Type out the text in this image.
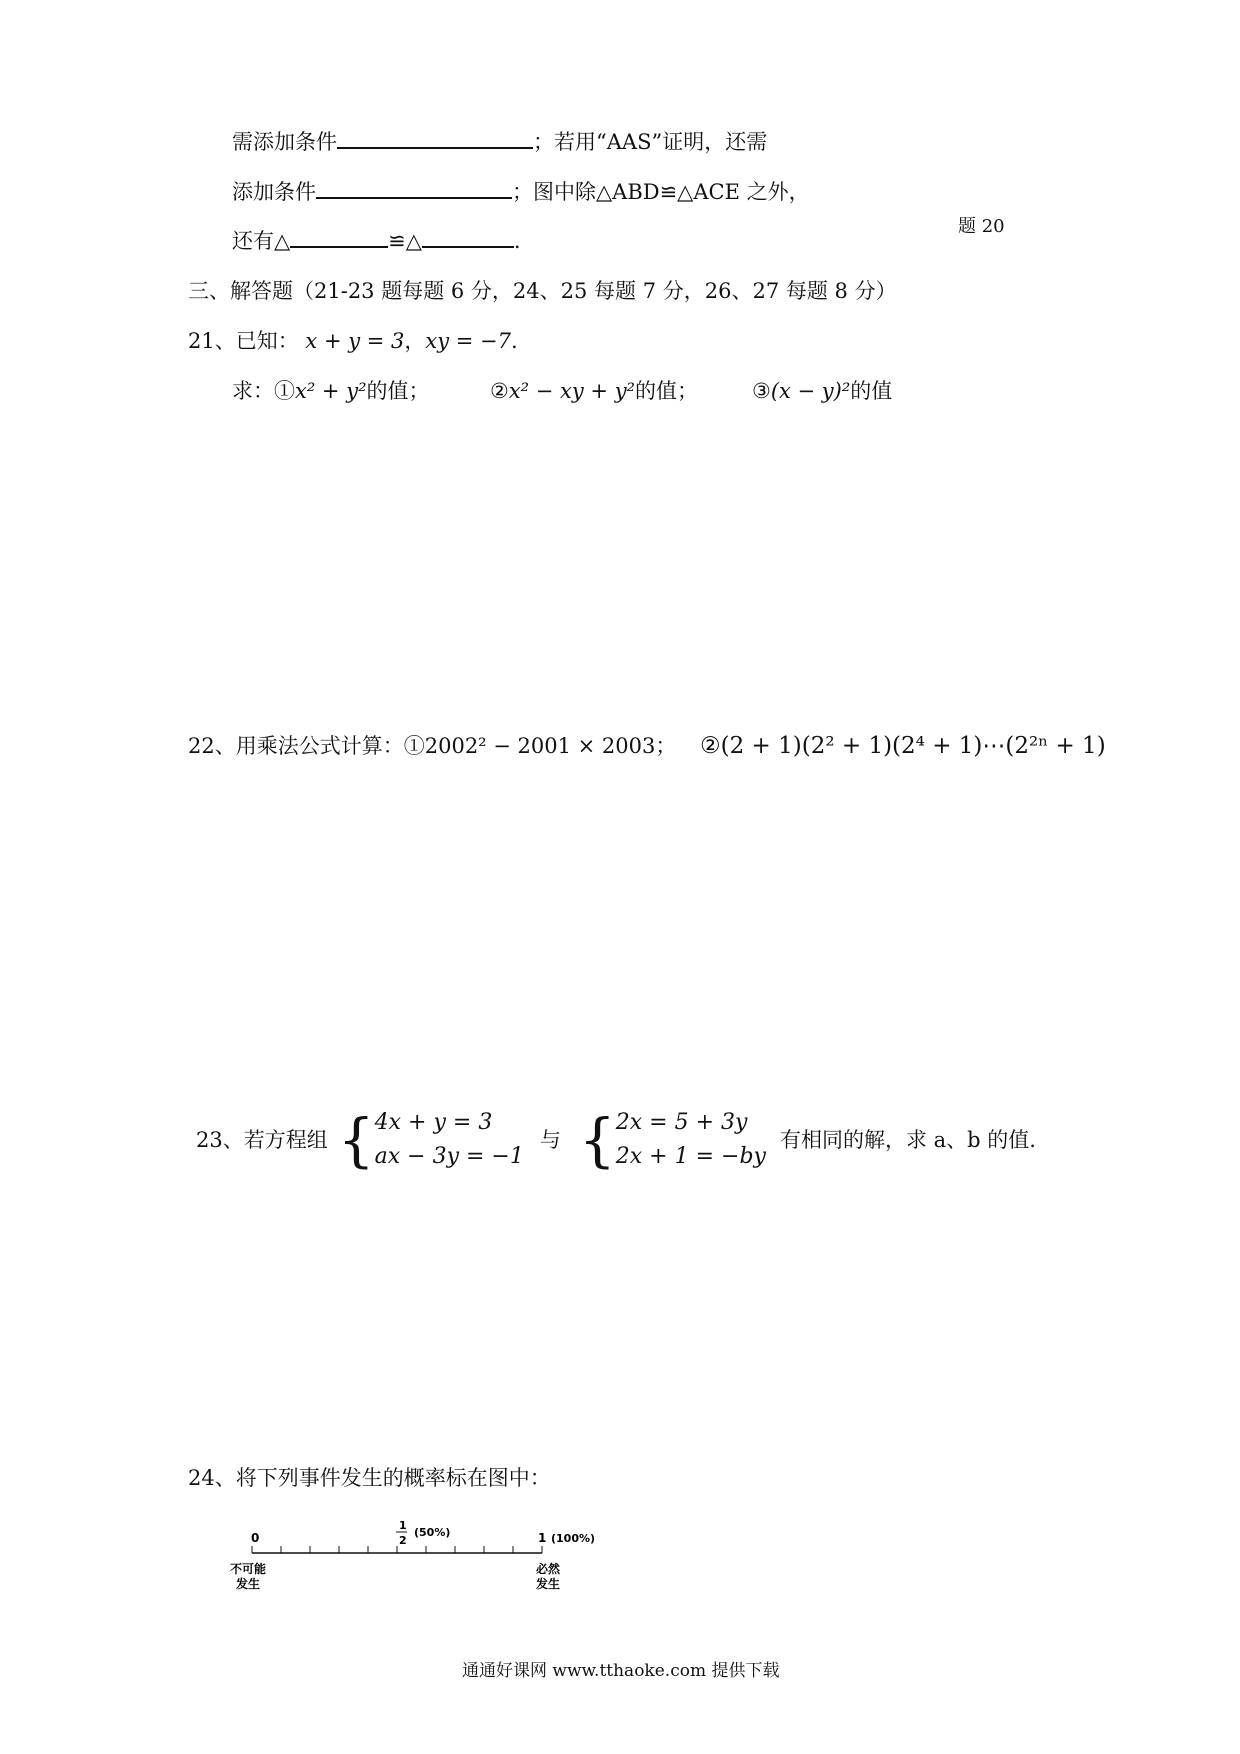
需添加条件	；若用“AAS”证明，还需
添加条件	；图中除△ABD≌△ACE 之外，
还有△	≌△	.
题 20
三、解答题（21-23 题每题 6 分，24、25 每题 7 分，26、27 每题 8 分）
21、已知： x + y = 3，xy = −7.
求：①x² + y²的值；	②x² − xy + y²的值；	③(x − y)²的值
22、用乘法公式计算：①2002² − 2001 × 2003； ②(2 + 1)(2² + 1)(2⁴ + 1)⋯(2²ⁿ + 1)
23、若方程组 { 4x + y = 3
ax − 3y = −1
与 { 2x = 5 + 3y
2x + 1 = −by
有相同的解，求 a、b 的值.
24、将下列事件发生的概率标在图中：
0
1
2
(50%)	1 (100%)
不可能
发生
必然
发生
通通好课网 www.tthaoke.com 提供下载
